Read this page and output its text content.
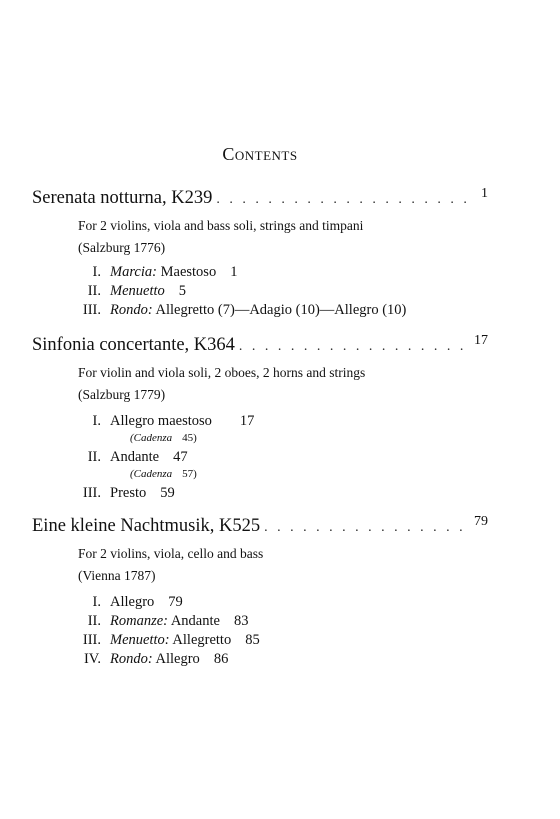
Contents
Serenata notturna, K239 . . .	1
For 2 violins, viola and bass soli, strings and timpani
(Salzburg 1776)
I. Marcia: Maestoso 1
II. Menuetto 5
III. Rondo: Allegretto (7)—Adagio (10)—Allegro (10)
Sinfonia concertante, K364 . . .	17
For violin and viola soli, 2 oboes, 2 horns and strings
(Salzburg 1779)
I. Allegro maestoso 17
(Cadenza 45)
II. Andante 47
(Cadenza 57)
III. Presto 59
Eine kleine Nachtmusik, K525 . . .	79
For 2 violins, viola, cello and bass
(Vienna 1787)
I. Allegro 79
II. Romanze: Andante 83
III. Menuetto: Allegretto 85
IV. Rondo: Allegro 86
